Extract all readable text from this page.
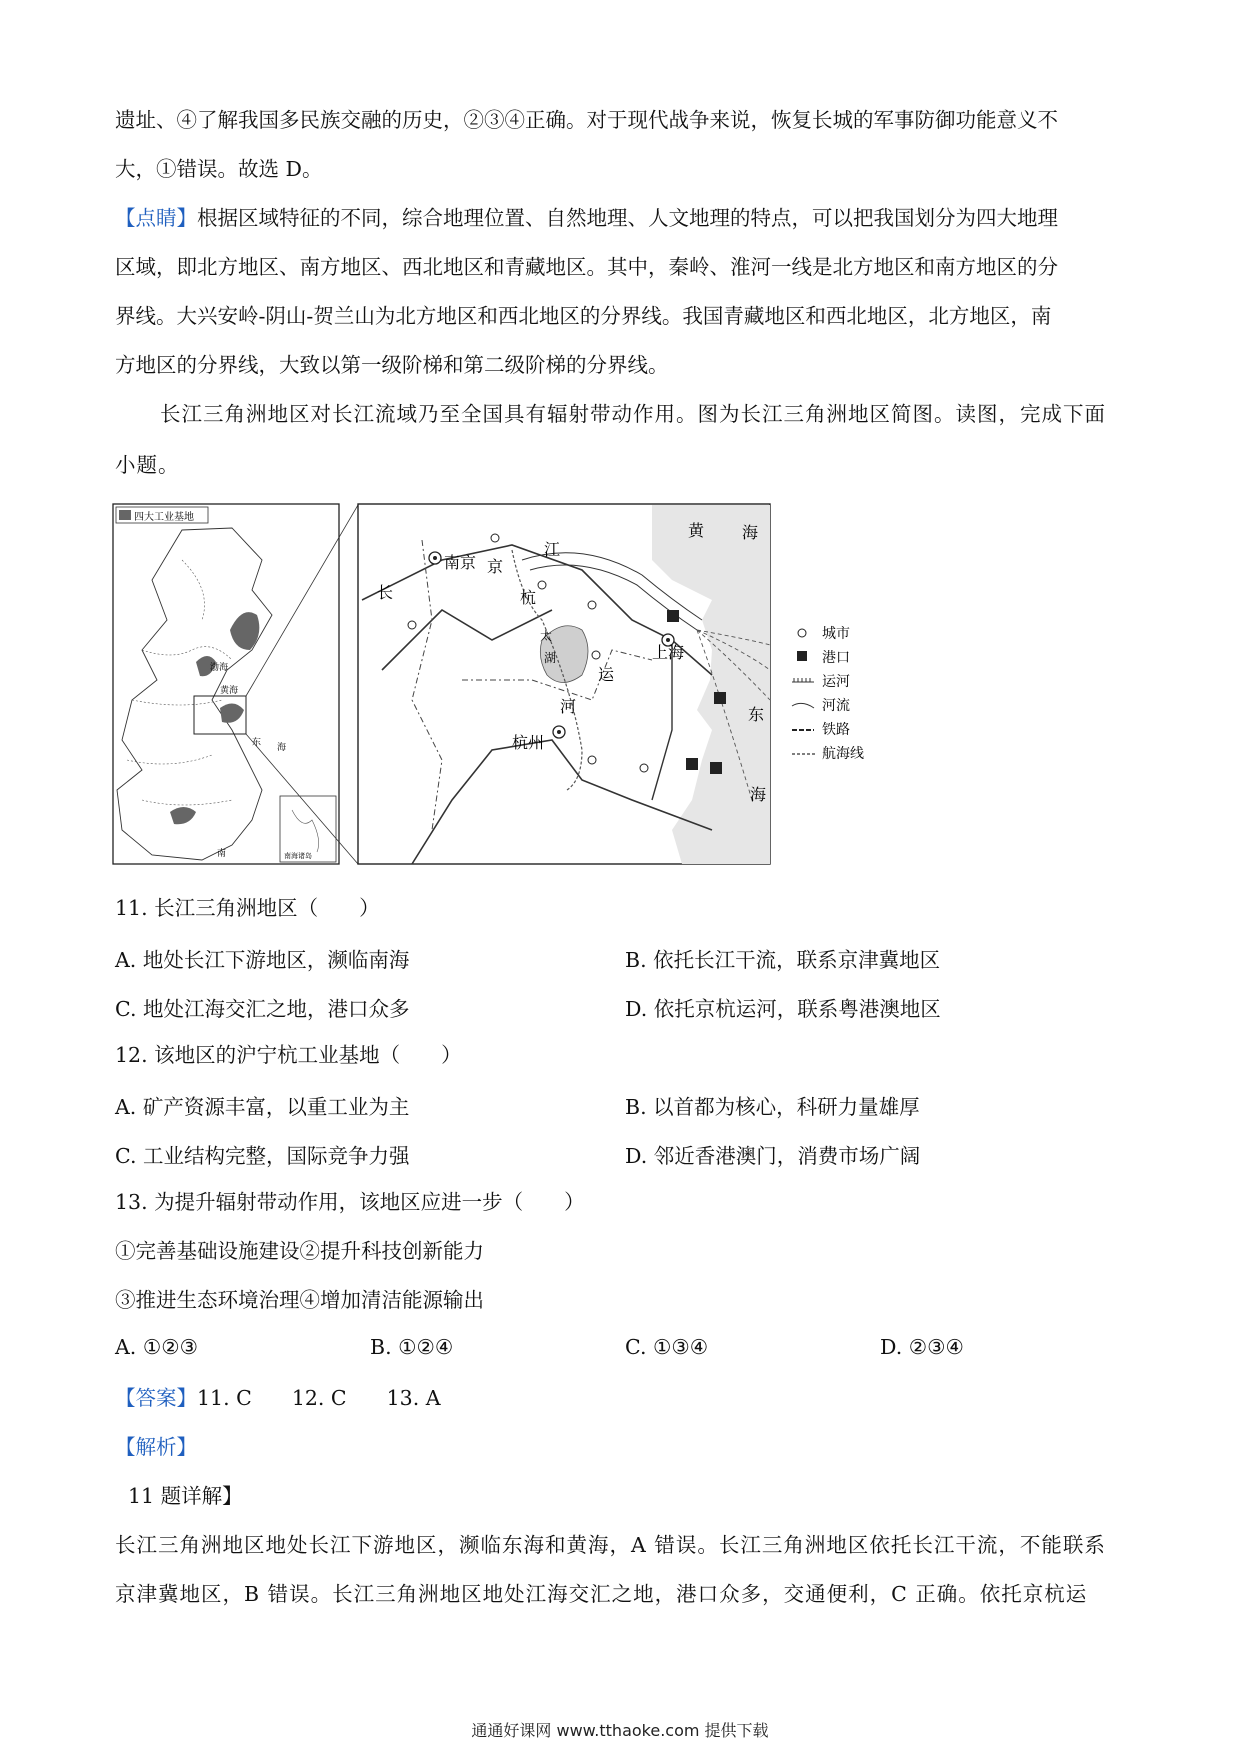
遗址、④了解我国多民族交融的历史，②③④正确。对于现代战争来说，恢复长城的军事防御功能意义不
大，①错误。故选 D。
【点睛】根据区域特征的不同，综合地理位置、自然地理、人文地理的特点，可以把我国划分为四大地理
区域，即北方地区、南方地区、西北地区和青藏地区。其中，秦岭、淮河一线是北方地区和南方地区的分
界线。大兴安岭-阴山-贺兰山为北方地区和西北地区的分界线。我国青藏地区和西北地区，北方地区，南
方地区的分界线，大致以第一级阶梯和第二级阶梯的分界线。
长江三角洲地区对长江流域乃至全国具有辐射带动作用。图为长江三角洲地区简图。读图，完成下面
小题。
四大工业基地
渤海
黄海
东 海
南	南海诸岛
南京
上海
杭州
京
杭
运
河
长
江
太
湖
黄 海
东
海
城市
港口
运河
河流
铁路
航海线
11. 长江三角洲地区（　　）
A. 地处长江下游地区，濒临南海	B. 依托长江干流，联系京津冀地区
C. 地处江海交汇之地，港口众多	D. 依托京杭运河，联系粤港澳地区
12. 该地区的沪宁杭工业基地（　　）
A. 矿产资源丰富，以重工业为主	B. 以首都为核心，科研力量雄厚
C. 工业结构完整，国际竞争力强	D. 邻近香港澳门，消费市场广阔
13. 为提升辐射带动作用，该地区应进一步（　　）
①完善基础设施建设②提升科技创新能力
③推进生态环境治理④增加清洁能源输出
A. ①②③	B. ①②④	C. ①③④	D. ②③④
【答案】11. C 12. C 13. A
【解析】
11 题详解】
长江三角洲地区地处长江下游地区，濒临东海和黄海，A 错误。长江三角洲地区依托长江干流，不能联系
京津冀地区，B 错误。长江三角洲地区地处江海交汇之地，港口众多，交通便利，C 正确。依托京杭运
通通好课网 www.tthaoke.com 提供下载
